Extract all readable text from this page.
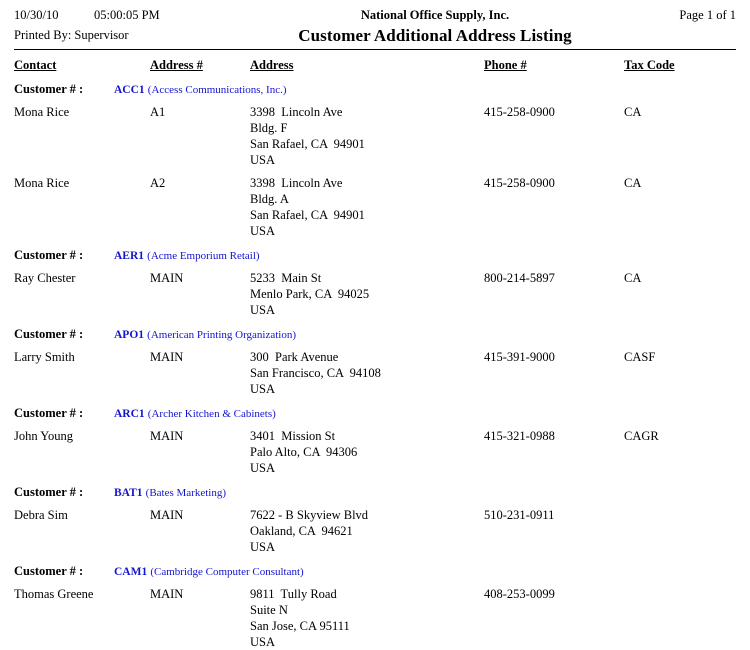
10/30/10	05:00:05 PM
Printed By: Supervisor
National Office Supply, Inc.
Customer Additional Address Listing
Page 1 of 1
Contact	Address #	Address	Phone #	Tax Code
Customer # :	ACC1 (Access Communications, Inc.)
Mona Rice	A1	3398  Lincoln Ave
Bldg. F
San Rafael, CA  94901
USA
415-258-0900	CA
Mona Rice	A2	3398  Lincoln Ave
Bldg. A
San Rafael, CA  94901
USA
415-258-0900	CA
Customer # :	AER1 (Acme Emporium Retail)
Ray Chester	MAIN	5233  Main St
Menlo Park, CA  94025
USA
800-214-5897	CA
Customer # :	APO1 (American Printing Organization)
Larry Smith	MAIN	300  Park Avenue
San Francisco, CA  94108
USA
415-391-9000	CASF
Customer # :	ARC1 (Archer Kitchen & Cabinets)
John Young	MAIN	3401  Mission St
Palo Alto, CA  94306
USA
415-321-0988	CAGR
Customer # :	BAT1 (Bates Marketing)
Debra Sim	MAIN	7622 - B Skyview Blvd
Oakland, CA  94621
USA
510-231-0911
Customer # :	CAM1 (Cambridge Computer Consultant)
Thomas Greene	MAIN	9811  Tully Road
Suite N
San Jose, CA 95111
USA
408-253-0099
